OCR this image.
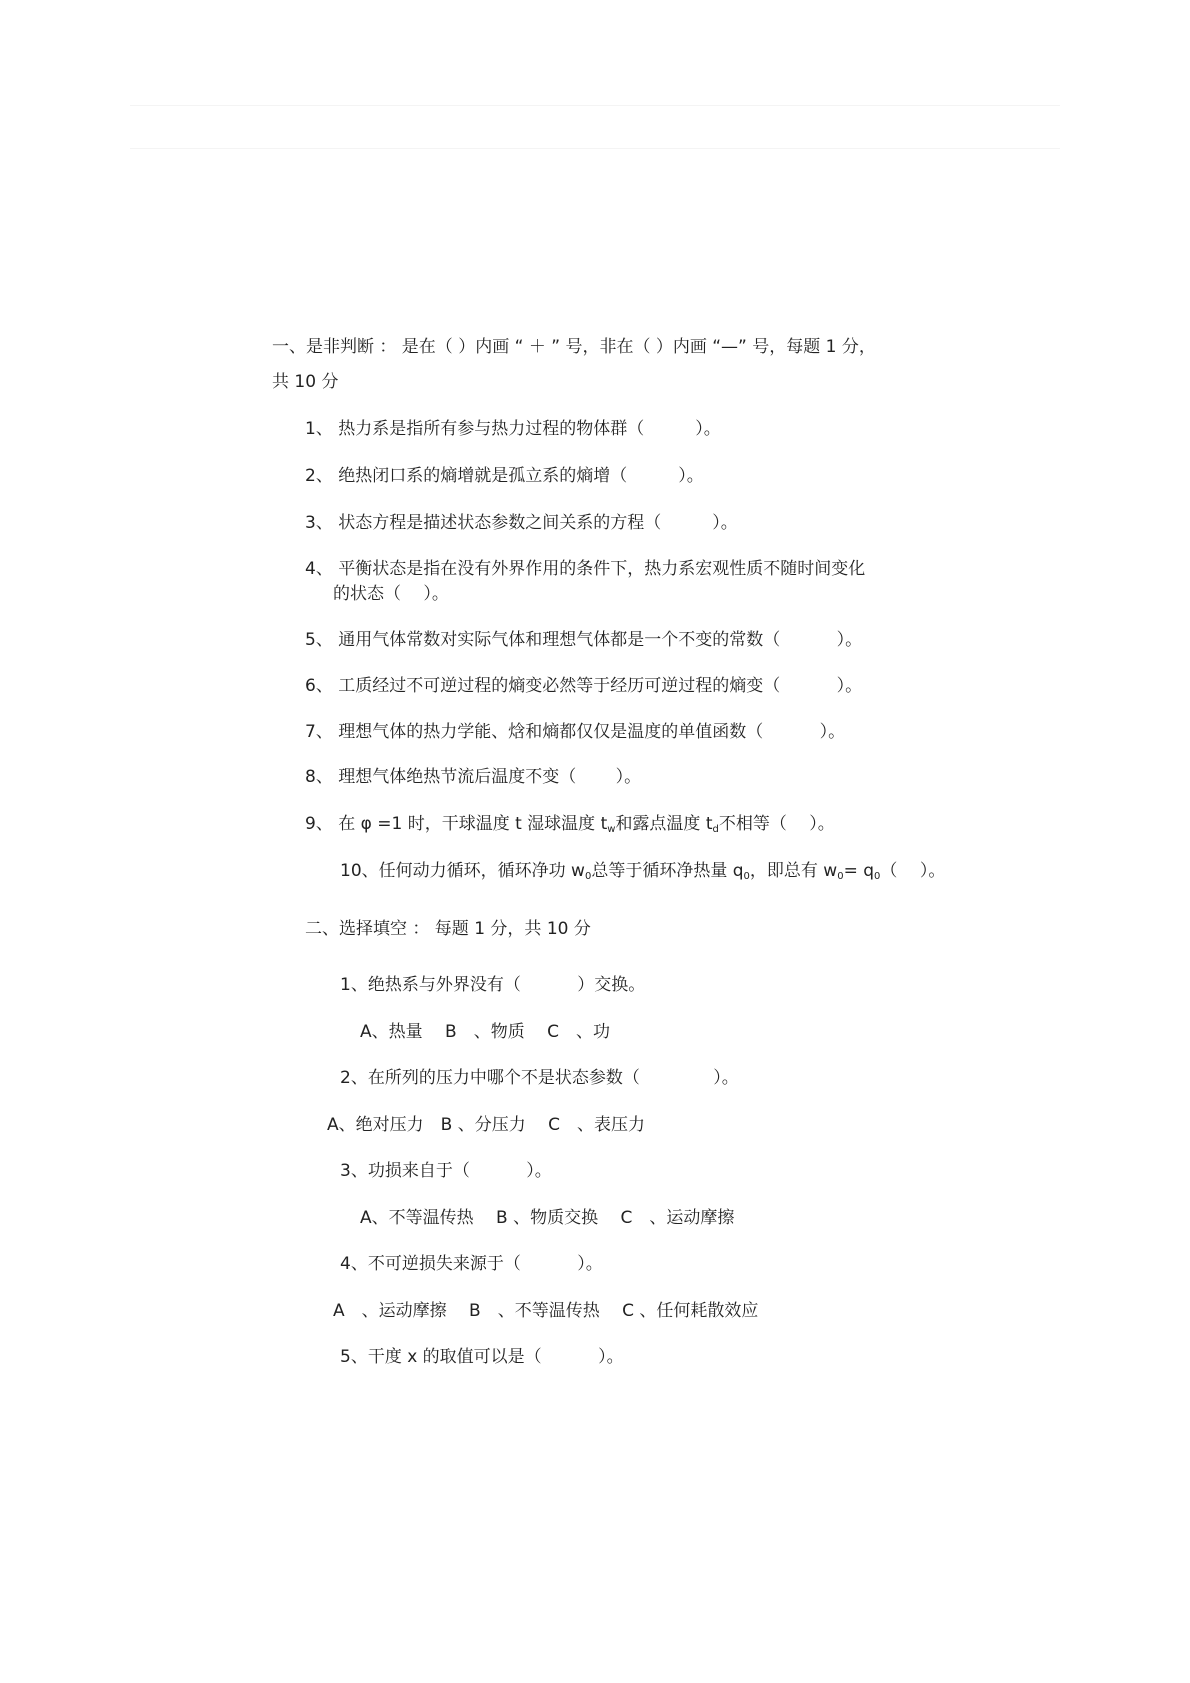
一、是非判断 ： 是在（ ）内画 “ ＋ ” 号，非在（ ）内画 “—” 号，每题 1 分，
共 10 分
1、 热力系是指所有参与热力过程的物体群（　　　）。
2、 绝热闭口系的熵增就是孤立系的熵增（　　　）。
3、 状态方程是描述状态参数之间关系的方程（　　　）。
4、 平衡状态是指在没有外界作用的条件下，热力系宏观性质不随时间变化
的状态（　 ）。
5、 通用气体常数对实际气体和理想气体都是一个不变的常数（　　　 ）。
6、 工质经过不可逆过程的熵变必然等于经历可逆过程的熵变（　　　 ）。
7、 理想气体的热力学能、焓和熵都仅仅是温度的单值函数（　　　 ）。
8、 理想气体绝热节流后温度不变（　　 ）。
9、 在 φ =1 时，干球温度 t 湿球温度 $t_w$和露点温度 $t_d$不相等（　 ）。
10、任何动力循环，循环净功 $w_0$总等于循环净热量 $q_0$，即总有 $w_0= q_0$（　 ）。
二、选择填空 ： 每题 1 分，共 10 分
1、绝热系与外界没有（　　　 ）交换。
A、热量　 B　、物质　 C　、功
2、在所列的压力中哪个不是状态参数（　　　　 ）。
A、绝对压力　B 、分压力　 C　、表压力
3、功损来自于（　　　 ）。
A、不等温传热　 B 、物质交换　 C　、运动摩擦
4、不可逆损失来源于（　　　 ）。
A　、运动摩擦　 B　、不等温传热　 C 、任何耗散效应
5、干度 x 的取值可以是（　　　 ）。
